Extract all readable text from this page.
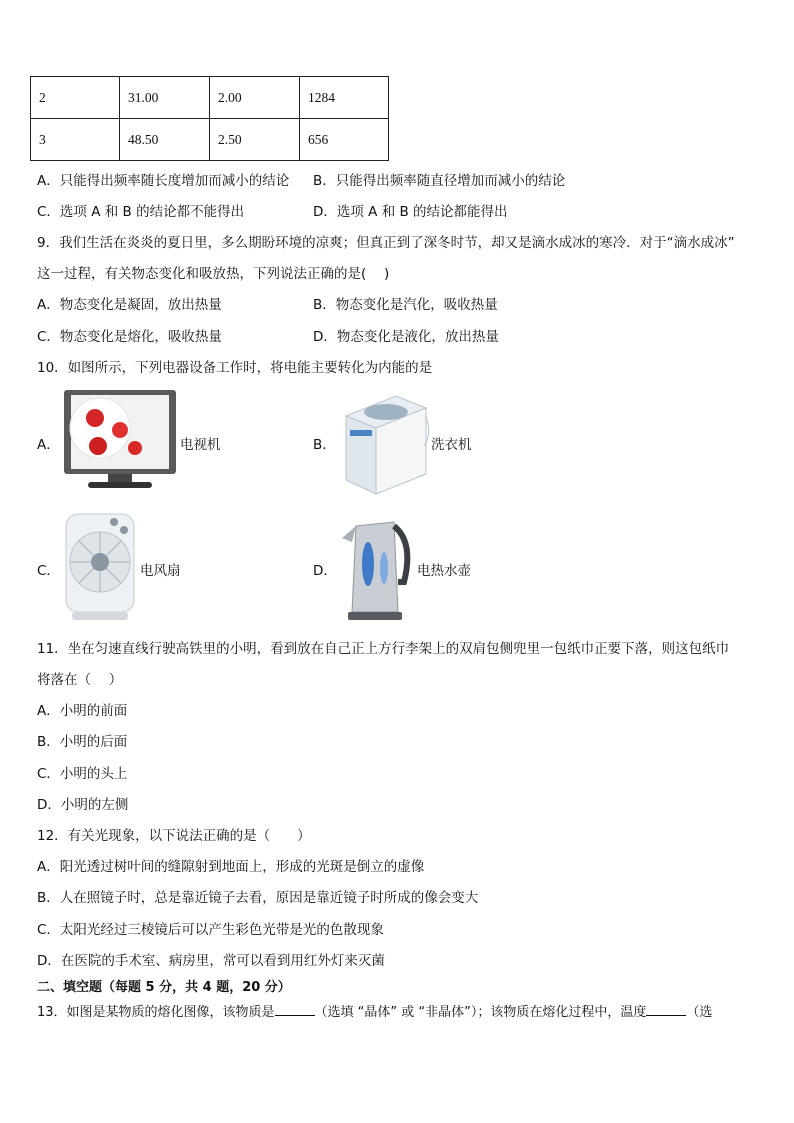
2	31.00	2.00	1284
3	48.50	2.50	656
A．只能得出频率随长度增加而减小的结论 B．只能得出频率随直径增加而减小的结论
C．选项 A 和 B 的结论都不能得出	D．选项 A 和 B 的结论都能得出
9．我们生活在炎炎的夏日里，多么期盼环境的凉爽；但真正到了深冬时节，却又是滴水成冰的寒冷．对于“滴水成冰”
这一过程，有关物态变化和吸放热，下列说法正确的是(　 )
A．物态变化是凝固，放出热量	B．物态变化是汽化，吸收热量
C．物态变化是熔化，吸收热量	D．物态变化是液化，放出热量
10．如图所示，下列电器设备工作时，将电能主要转化为内能的是
A．	电视机	B．	洗衣机
C．	电风扇	D．	电热水壶
11．坐在匀速直线行驶高铁里的小明，看到放在自己正上方行李架上的双肩包侧兜里一包纸巾正要下落，则这包纸巾
将落在（　 ）
A．小明的前面
B．小明的后面
C．小明的头上
D．小明的左侧
12．有关光现象，以下说法正确的是（　　）
A．阳光透过树叶间的缝隙射到地面上，形成的光斑是倒立的虚像
B．人在照镜子时，总是靠近镜子去看，原因是靠近镜子时所成的像会变大
C．太阳光经过三棱镜后可以产生彩色光带是光的色散现象
D．在医院的手术室、病房里，常可以看到用红外灯来灭菌
二、填空题（每题 5 分，共 4 题，20 分）
13．如图是某物质的熔化图像，该物质是	（选填 “晶体” 或 “非晶体”）；该物质在熔化过程中，温度	（选
